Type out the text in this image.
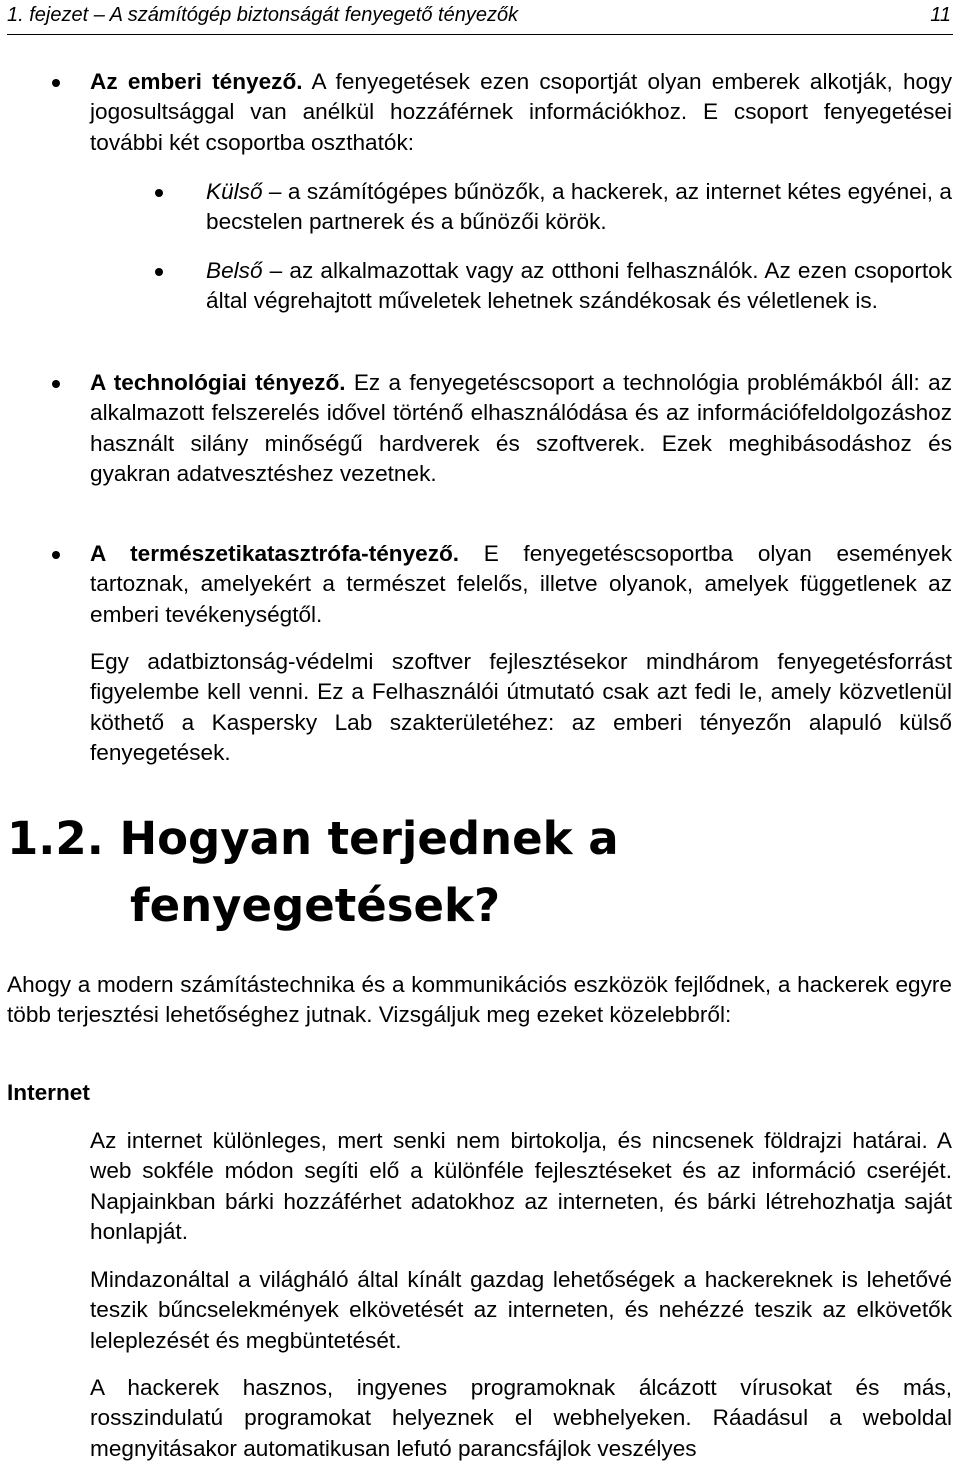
1. fejezet – A számítógép biztonságát fenyegető tényezők	11
Az emberi tényező. A fenyegetések ezen csoportját olyan emberek alkotják, hogy jogosultsággal van anélkül hozzáférnek információkhoz. E csoport fenyegetései további két csoportba oszthatók:
Külső – a számítógépes bűnözők, a hackerek, az internet kétes egyénei, a becstelen partnerek és a bűnözői körök.
Belső – az alkalmazottak vagy az otthoni felhasználók. Az ezen csoportok által végrehajtott műveletek lehetnek szándékosak és véletlenek is.
A technológiai tényező. Ez a fenyegetéscsoport a technológia problémákból áll: az alkalmazott felszerelés idővel történő elhasználódása és az információfeldolgozáshoz használt silány minőségű hardverek és szoftverek. Ezek meghibásodáshoz és gyakran adatvesztéshez vezetnek.
A természetikatasztrófa-tényező. E fenyegetéscsoportba olyan események tartoznak, amelyekért a természet felelős, illetve olyanok, amelyek függetlenek az emberi tevékenységtől.
Egy adatbiztonság-védelmi szoftver fejlesztésekor mindhárom fenyegetésforrást figyelembe kell venni. Ez a Felhasználói útmutató csak azt fedi le, amely közvetlenül köthető a Kaspersky Lab szakterületéhez: az emberi tényezőn alapuló külső fenyegetések.
1.2. Hogyan terjednek a
fenyegetések?
Ahogy a modern számítástechnika és a kommunikációs eszközök fejlődnek, a hackerek egyre több terjesztési lehetőséghez jutnak. Vizsgáljuk meg ezeket közelebbről:
Internet
Az internet különleges, mert senki nem birtokolja, és nincsenek földrajzi határai. A web sokféle módon segíti elő a különféle fejlesztéseket és az információ cseréjét. Napjainkban bárki hozzáférhet adatokhoz az interneten, és bárki létrehozhatja saját honlapját.
Mindazonáltal a világháló által kínált gazdag lehetőségek a hackereknek is lehetővé teszik bűncselekmények elkövetését az interneten, és nehézzé teszik az elkövetők leleplezését és megbüntetését.
A hackerek hasznos, ingyenes programoknak álcázott vírusokat és más, rosszindulatú programokat helyeznek el webhelyeken. Ráadásul a weboldal megnyitásakor automatikusan lefutó parancsfájlok veszélyes
